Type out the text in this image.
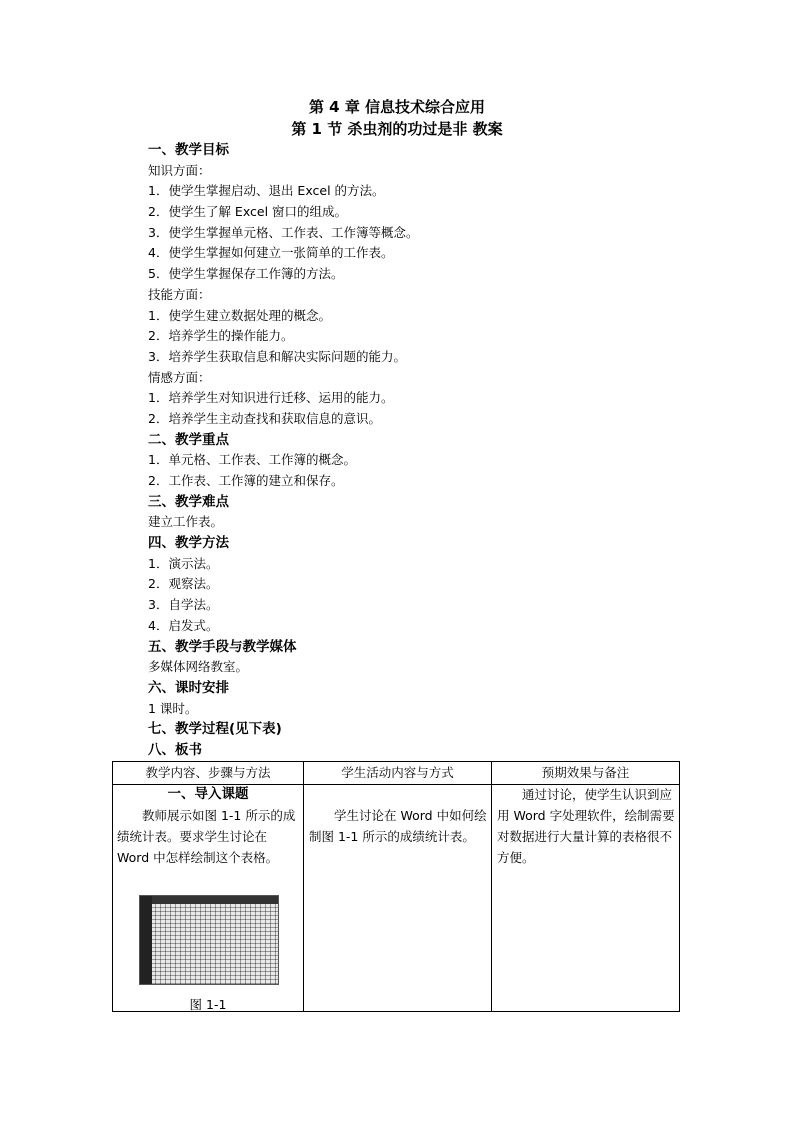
第 4 章 信息技术综合应用
第 1 节 杀虫剂的功过是非 教案
一、教学目标
知识方面：
1．使学生掌握启动、退出 Excel 的方法。
2．使学生了解 Excel 窗口的组成。
3．使学生掌握单元格、工作表、工作簿等概念。
4．使学生掌握如何建立一张简单的工作表。
5．使学生掌握保存工作簿的方法。
技能方面：
1．使学生建立数据处理的概念。
2．培养学生的操作能力。
3．培养学生获取信息和解决实际问题的能力。
情感方面：
1．培养学生对知识进行迁移、运用的能力。
2．培养学生主动查找和获取信息的意识。
二、教学重点
1．单元格、工作表、工作簿的概念。
2．工作表、工作簿的建立和保存。
三、教学难点
建立工作表。
四、教学方法
1．演示法。
2．观察法。
3．自学法。
4．启发式。
五、教学手段与教学媒体
多媒体网络教室。
六、课时安排
1 课时。
七、教学过程(见下表)
八、板书
教学内容、步骤与方法	学生活动内容与方式	预期效果与备注

一、导入课题

教师展示如图 1-1 所示的成绩统计表。要求学生讨论在 Word 中怎样绘制这个表格。

图 1-1

学生讨论在 Word 中如何绘制图 1-1 所示的成绩统计表。

通过讨论，使学生认识到应用 Word 字处理软件，绘制需要对数据进行大量计算的表格很不方便。
